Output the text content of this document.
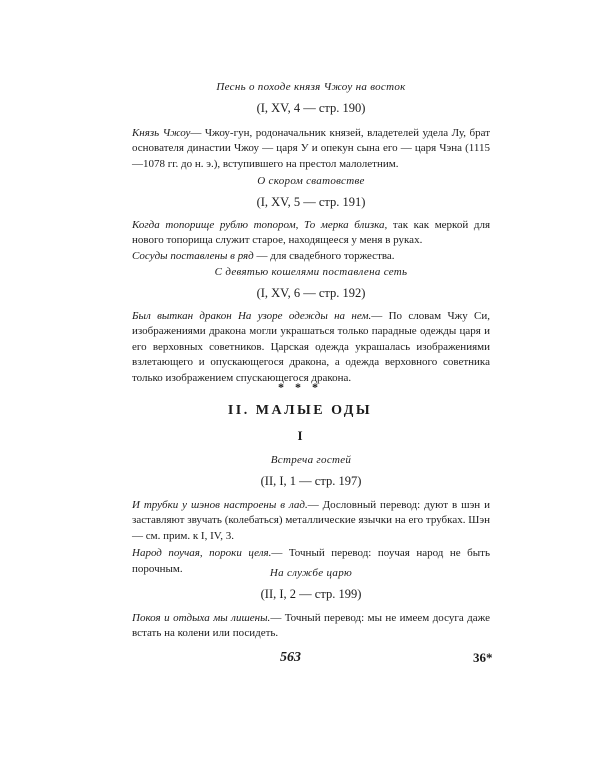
Песнь о походе князя Чжоу на восток

(I, XV, 4 — стр. 190)

Князь Чжоу— Чжоу-гун, родоначальник князей, владетелей удела Лу, брат основателя династии Чжоу — царя У и опекун сына его — царя Чэна (1115—1078 гг. до н. э.), вступившего на престол малолетним.

О скором сватовстве

(I, XV, 5 — стр. 191)

Когда топорище рублю топором, То мерка близка, так как меркой для нового топорища служит старое, находящееся у меня в руках.

Сосуды поставлены в ряд — для свадебного торжества.

С девятью кошелями поставлена сеть

(I, XV, 6 — стр. 192)

Был выткан дракон На узоре одежды на нем.— По словам Чжу Си, изображениями дракона могли украшаться только парадные одежды царя и его верховных советников. Царская одежда украшалась изображениями взлетающего и опускающегося дракона, а одежда верховного советника только изображением спускающегося дракона.

* * *
II. МАЛЫЕ ОДЫ
I

Встреча гостей

(II, I, 1 — стр. 197)

И трубки у шэнов настроены в лад.— Дословный перевод: дуют в шэн и заставляют звучать (колебаться) металлические язычки на его трубках. Шэн — см. прим. к I, IV, 3.

Народ поучая, пороки целя.— Точный перевод: поучая народ не быть порочным.	На службе царю

(II, I, 2 — стр. 199)

Покоя и отдыха мы лишены.— Точный перевод: мы не имеем досуга даже встать на колени или посидеть.

563	36*
